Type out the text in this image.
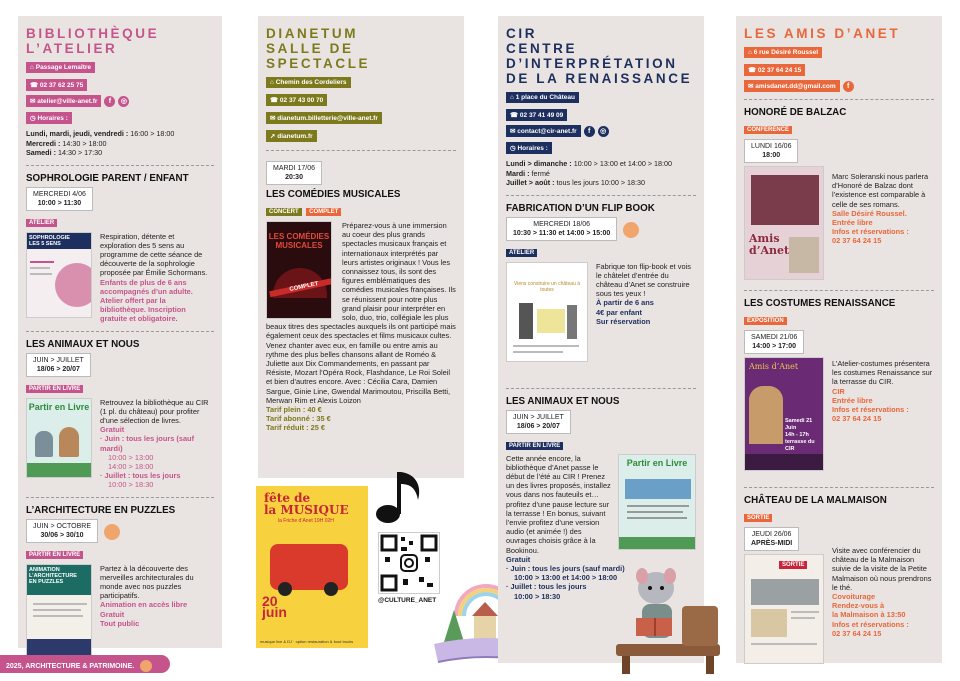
BIBLIOTHÈQUE
L’ATELIER
⌂ Passage Lemaître
☎ 02 37 62 25 75
✉ atelier@ville-anet.fr	f	◎
◷ Horaires :
Lundi, mardi, jeudi, vendredi : 16:00 > 18:00
Mercredi : 14:30 > 18:00
Samedi : 14:30 > 17:30
SOPHROLOGIE PARENT / ENFANT
MERCREDI 4/06
10:00 > 11:30

ATELIER
SOPHROLOGIE
LES 5 SENS
Respiration, détente et exploration des 5 sens au programme de cette séance de découverte de la sophrologie proposée par Émilie Schormans. Enfants de plus de 6 ans accompagnés d’un adulte. Atelier offert par la bibliothèque. Inscription gratuite et obligatoire.
LES ANIMAUX ET NOUS
JUIN > JUILLET
18/06 > 20/07

PARTIR EN LIVRE
Partir en Livre Retrouvez la bibliothèque au CIR (1 pl. du château) pour profiter d’une sélection de livres.
Gratuit
· Juin : tous les jours (sauf mardi)
10:00 > 13:00
14:00 > 18:00
· Juillet : tous les jours
10:00 > 18:30
L’ARCHITECTURE EN PUZZLES
JUIN > OCTOBRE
30/06 > 30/10

PARTIR EN LIVRE
ANIMATION
L’ARCHITECTURE
EN PUZZLES
Partez à la découverte des merveilles architecturales du monde avec nos puzzles participatifs.
Animation en accès libre
Gratuit
Tout public
DIANETUM
SALLE DE
SPECTACLE
⌂ Chemin des Cordeliers
☎ 02 37 43 00 70
✉ dianetum.billetterie@ville-anet.fr
➚ dianetum.fr
MARDI 17/06
20:30
LES COMÉDIES MUSICALES
CONCERT COMPLET
LES COMÉDIES
MUSICALES
COMPLET
Préparez-vous à une immersion au coeur des plus grands spectacles musicaux français et internationaux interprétés par leurs artistes originaux ! Vous les connaissez tous, ils sont des figures emblématiques des comédies musicales françaises. Ils se réunissent pour notre plus grand plaisir pour interpréter en solo, duo, trio, collégiale les plus beaux titres des spectacles auxquels ils ont participé mais également ceux des spectacles et films musicaux cultes. Venez chanter avec eux, en famille ou entre amis au rythme des plus belles chansons allant de Roméo & Juliette aux Dix Commandements, en passant par Résiste, Mozart l’Opéra Rock, Flashdance, Le Roi Soleil et bien d’autres encore. Avec : Cécilia Cara, Damien Sargue, Ginie Line, Gwendal Marimoutou, Priscilla Betti, Merwan Rim et Alexis Loizon
Tarif plein : 40 €
Tarif abonné : 35 €
Tarif réduit : 25 €
fête de
la MUSIQUE
la Friche d’Anet 19H 02H
20
juin
musique live & DJ · option restauration & food trucks
@CULTURE_ANET
CIR
CENTRE
D’INTERPRÉTATION
DE LA RENAISSANCE
⌂ 1 place du Château
☎ 02 37 41 49 09
✉ contact@cir-anet.fr	f	◎
◷ Horaires :
Lundi > dimanche : 10:00 > 13:00 et 14:00 > 18:00
Mardi : fermé
Juillet > août : tous les jours 10:00 > 18:30
FABRICATION D’UN FLIP BOOK
MERCREDI 18/06
10:30 > 11:30 et 14:00 > 15:00

ATELIER
Viens construire un château à toutes
Fabrique ton flip-book et vois le châtelet d’entrée du château d’Anet se construire sous tes yeux !
À partir de 6 ans
4€ par enfant
Sur réservation
LES ANIMAUX ET NOUS
JUIN > JUILLET
18/06 > 20/07

PARTIR EN LIVRE
Partir en Livre
Cette année encore, la bibliothèque d’Anet passe le début de l’été au CIR ! Prenez un des livres proposés, installez vous dans nos fauteuils et… profitez d’une pause lecture sur la terrasse ! En bonus, suivant l’envie profitez d’une version audio (et animée !) des ouvrages choisis grâce à la Bookinou.
Gratuit
· Juin : tous les jours (sauf mardi)
10:00 > 13:00 et 14:00 > 18:00
· Juillet : tous les jours
10:00 > 18:30
LES AMIS D’ANET
⌂ 6 rue Désiré Roussel
☎ 02 37 64 24 15
✉ amisdanet.dd@gmail.com	f
HONORÉ DE BALZAC
CONFÉRENCE
LUNDI 16/06
18:00
Amis
d’Anet
Marc Soleranski nous parlera d’Honoré de Balzac dont l’existence est comparable à celle de ses romans.
Salle Désiré Roussel.
Entrée libre
Infos et réservations :
02 37 64 24 15
LES COSTUMES RENAISSANCE
EXPOSITION
SAMEDI 21/06
14:00 > 17:00
Amis d’Anet
Samedi 21 Juin
14h - 17h
terrasse du CIR
L’Atelier-costumes présentera les costumes Renaissance sur la terrasse du CIR.
CIR
Entrée libre
Infos et réservations :
02 37 64 24 15
CHÂTEAU DE LA MALMAISON
SORTIE
JEUDI 26/06
APRÈS-MIDI
SORTIE
Visite avec conférencier du château de la Malmaison suivie de la visite de la Petite Malmaison où nous prendrons le thé.
Covoiturage
Rendez-vous à
la Malmaison à 13:50
Infos et réservations :
02 37 64 24 15
2025, ARCHITECTURE & PATRIMOINE.
